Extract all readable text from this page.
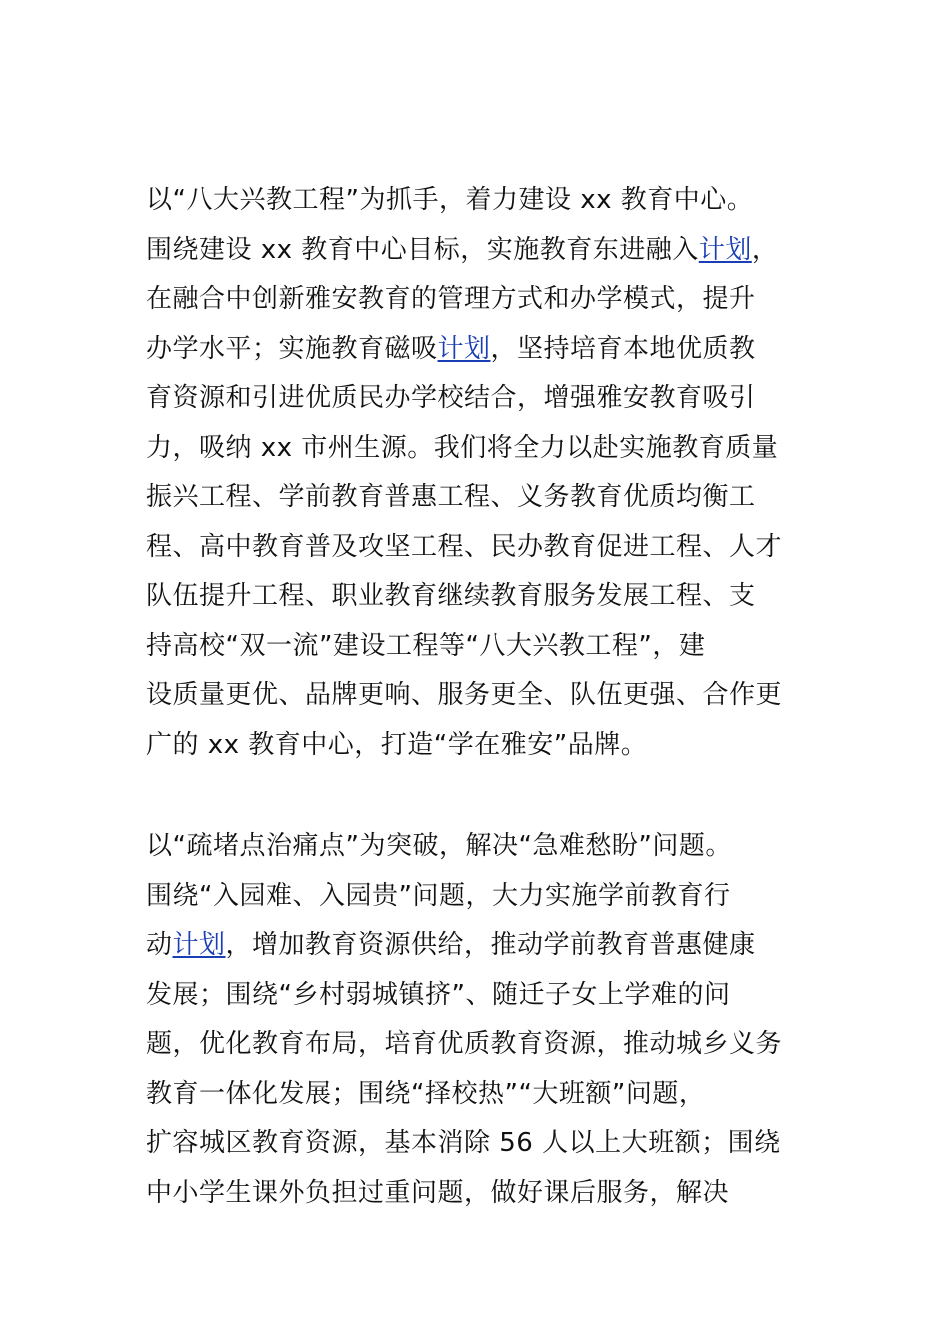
以“八大兴教工程”为抓手，着力建设 xx 教育中心。
围绕建设 xx 教育中心目标，实施教育东进融入计划，
在融合中创新雅安教育的管理方式和办学模式，提升
办学水平；实施教育磁吸计划，坚持培育本地优质教
育资源和引进优质民办学校结合，增强雅安教育吸引
力，吸纳 xx 市州生源。我们将全力以赴实施教育质量
振兴工程、学前教育普惠工程、义务教育优质均衡工
程、高中教育普及攻坚工程、民办教育促进工程、人才
队伍提升工程、职业教育继续教育服务发展工程、支
持高校“双一流”建设工程等“八大兴教工程”，建
设质量更优、品牌更响、服务更全、队伍更强、合作更
广的 xx 教育中心，打造“学在雅安”品牌。
以“疏堵点治痛点”为突破，解决“急难愁盼”问题。
围绕“入园难、入园贵”问题，大力实施学前教育行
动计划，增加教育资源供给，推动学前教育普惠健康
发展；围绕“乡村弱城镇挤”、随迁子女上学难的问
题，优化教育布局，培育优质教育资源，推动城乡义务
教育一体化发展；围绕“择校热”“大班额”问题，
扩容城区教育资源，基本消除 56 人以上大班额；围绕
中小学生课外负担过重问题，做好课后服务，解决
